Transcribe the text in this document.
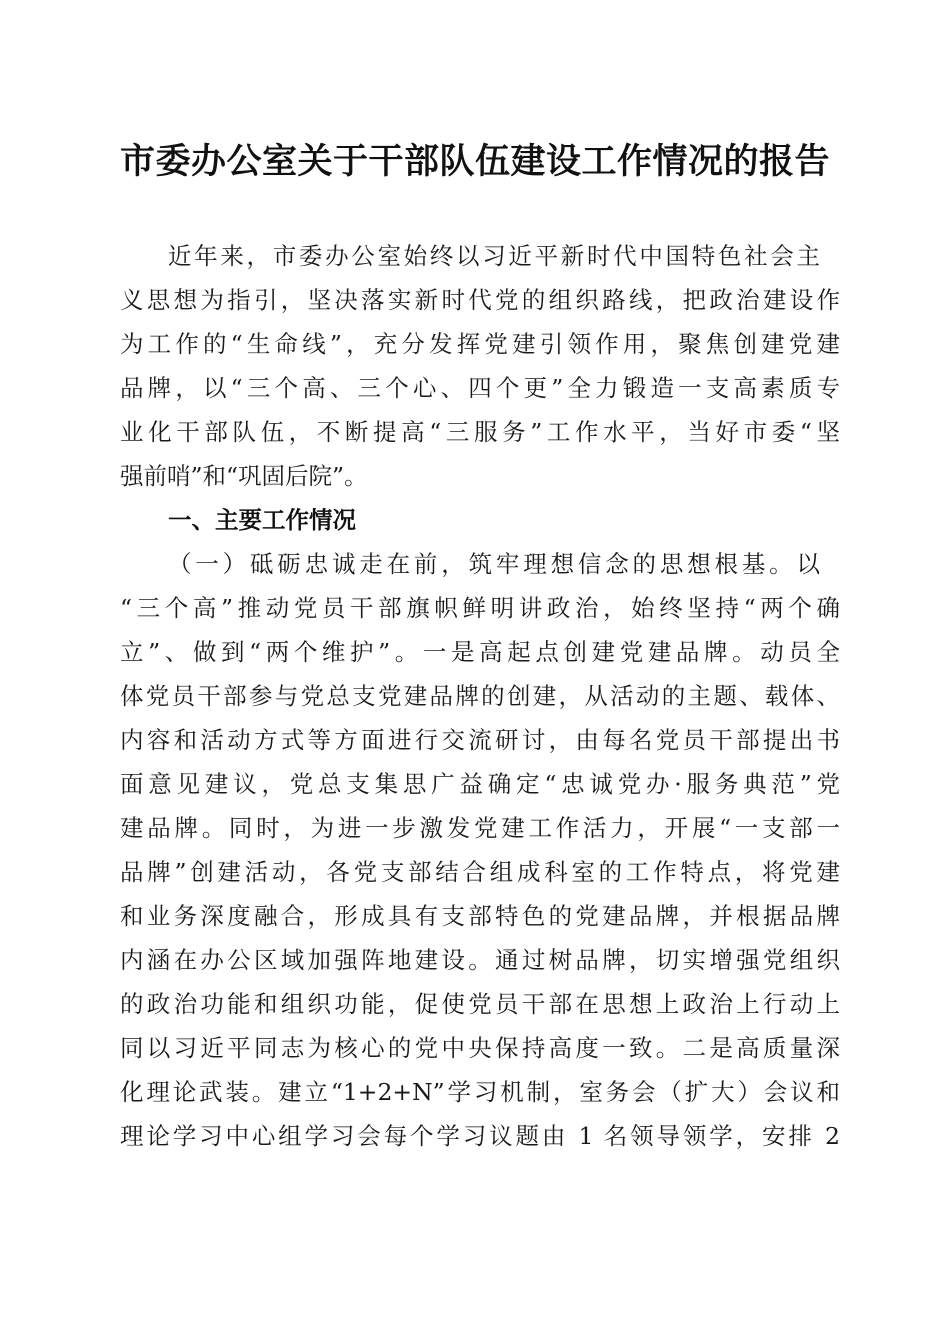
市委办公室关于干部队伍建设工作情况的报告

近年来，市委办公室始终以习近平新时代中国特色社会主

义思想为指引，坚决落实新时代党的组织路线，把政治建设作

为工作的“生命线”，充分发挥党建引领作用，聚焦创建党建

品牌，以“三个高、三个心、四个更”全力锻造一支高素质专

业化干部队伍，不断提高“三服务”工作水平，当好市委“坚

强前哨”和“巩固后院”。

一、主要工作情况

（一）砥砺忠诚走在前，筑牢理想信念的思想根基。以

“三个高”推动党员干部旗帜鲜明讲政治，始终坚持“两个确

立”、做到“两个维护”。一是高起点创建党建品牌。动员全

体党员干部参与党总支党建品牌的创建，从活动的主题、载体、

内容和活动方式等方面进行交流研讨，由每名党员干部提出书

面意见建议，党总支集思广益确定“忠诚党办·服务典范”党

建品牌。同时，为进一步激发党建工作活力，开展“一支部一

品牌”创建活动，各党支部结合组成科室的工作特点，将党建

和业务深度融合，形成具有支部特色的党建品牌，并根据品牌

内涵在办公区域加强阵地建设。通过树品牌，切实增强党组织

的政治功能和组织功能，促使党员干部在思想上政治上行动上

同以习近平同志为核心的党中央保持高度一致。二是高质量深

化理论武装。建立“1+2+N”学习机制，室务会（扩大）会议和

理论学习中心组学习会每个学习议题由 1 名领导领学，安排 2
